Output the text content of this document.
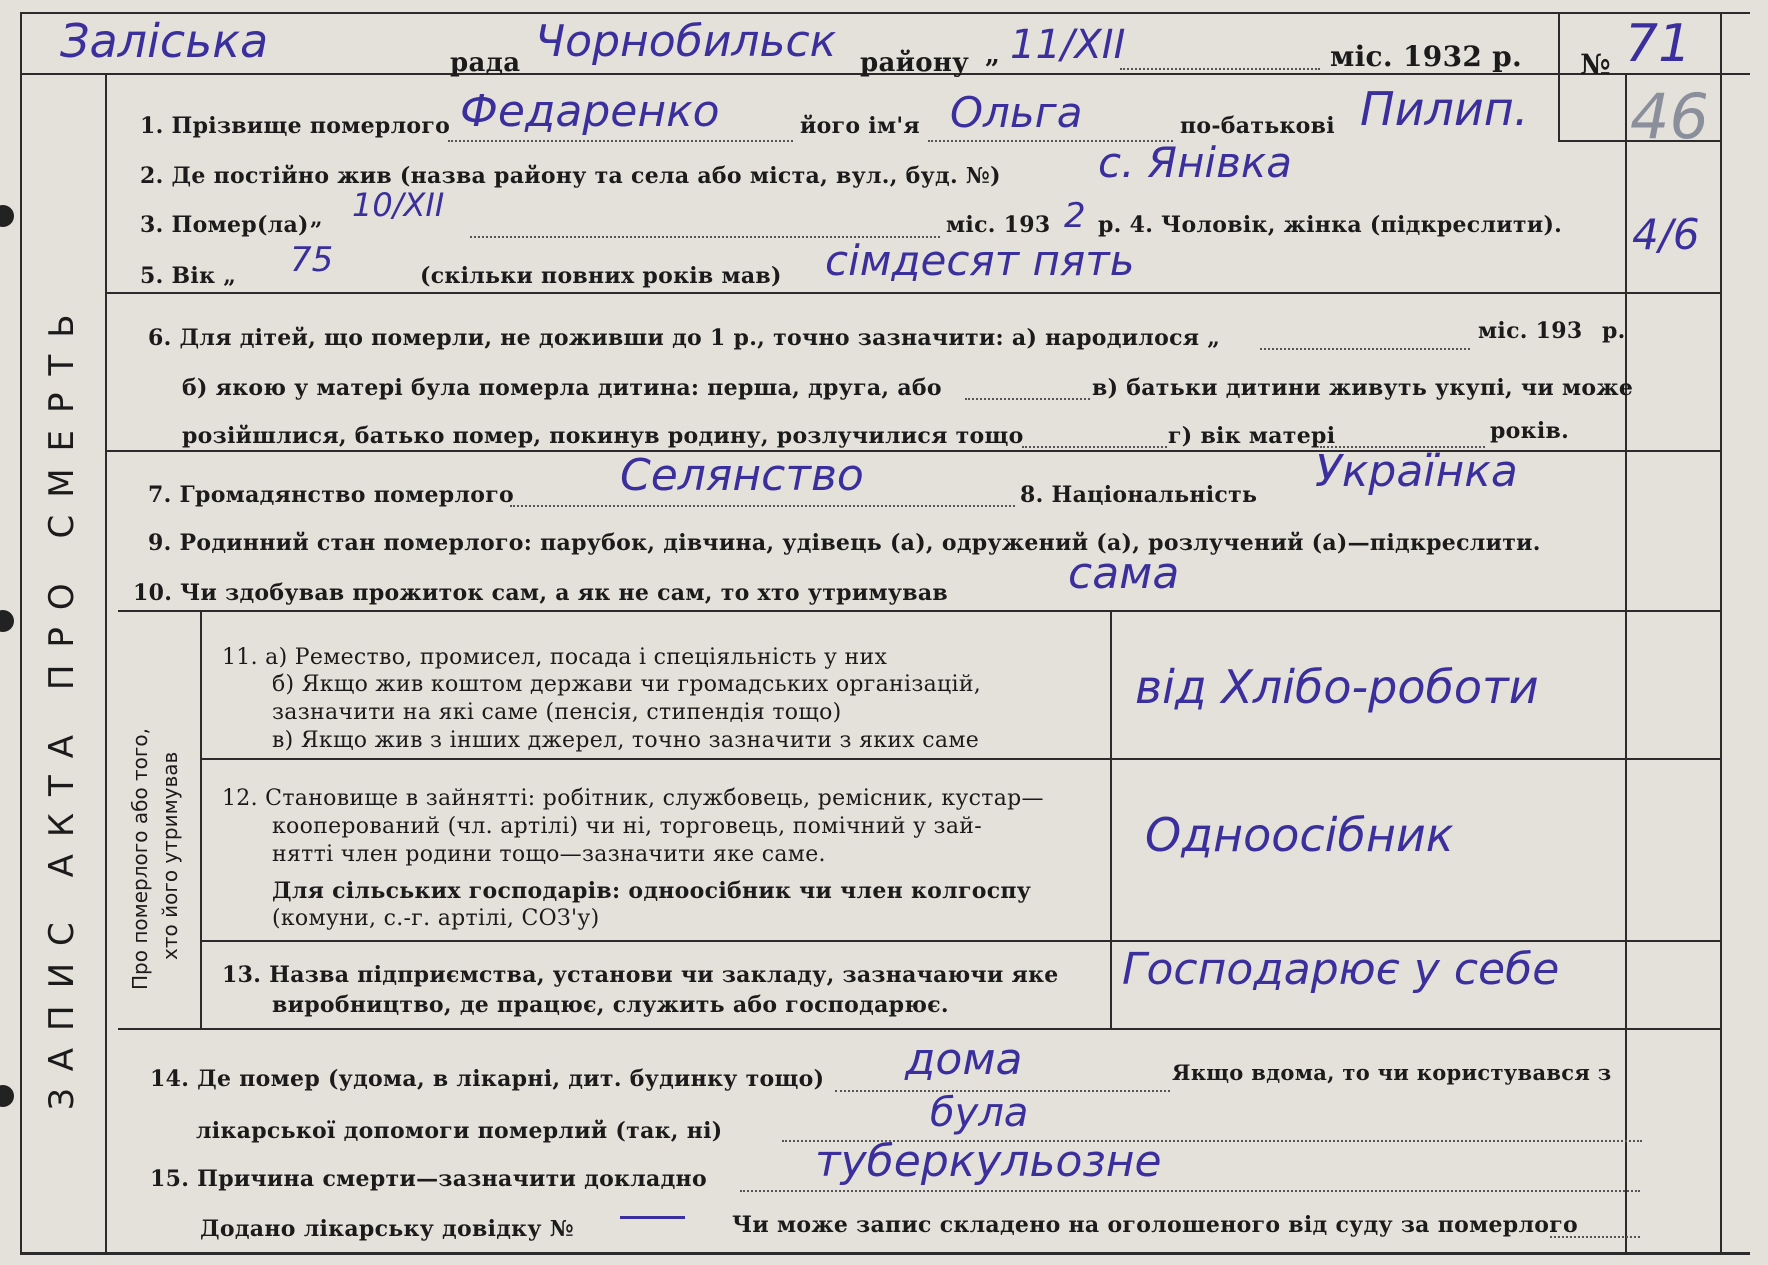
ЗАПИС АКТА ПРО СМЕРТЬ Про померлого або того, хто його утримував
Заліська	рада Чорнобильск району „ 11/XII	міс. 1932 р. № 71
46
1. Прізвище померлого Федаренко	його ім'я Ольга	по-батькові Пилип.
2. Де постійно жив (назва району та села або міста, вул., буд. №) с. Янівка
3. Помер(ла) „ 10/XII
міс. 193 2 р. 4. Чоловік, жінка (підкреслити). 4/6
5. Вік „ 75	(скільки повних років мав) сімдесят пять
6. Для дітей, що померли, не доживши до 1 р., точно зазначити: а) народилося „	міс. 193 р.
б) якою у матері була померла дитина: перша, друга, або	в) батьки дитини живуть укупі, чи може
розійшлися, батько помер, покинув родину, розлучилися тощо	г) вік матері	років.
7. Громадянство померлого Селянство	8. Національність Українка
9. Родинний стан померлого: парубок, дівчина, удівець (а), одружений (а), розлучений (а)—підкреслити.
10. Чи здобував прожиток сам, а як не сам, то хто утримував	сама
11. а) Ремество, промисел, посада і спеціяльність у них
б) Якщо жив коштом держави чи громадських організацій,
зазначити на які саме (пенсія, стипендія тощо)
в) Якщо жив з інших джерел, точно зазначити з яких саме
від Хлібо-роботи
12. Становище в зайнятті: робітник, службовець, ремісник, кустар—
кооперований (чл. артілі) чи ні, торговець, помічний у зай-
нятті член родини тощо—зазначити яке саме.
Для сільських господарів: одноосібник чи член колгоспу
(комуни, с.-г. артілі, СОЗ'у)
Одноосібник
13. Назва підприємства, установи чи закладу, зазначаючи яке
виробництво, де працює, служить або господарює.
Господарює у себе
14. Де помер (удома, в лікарні, дит. будинку тощо) дома	Якщо вдома, то чи користувався з
лікарської допомоги померлий (так, ні)	була
15. Причина смерти—зазначити докладно туберкульозне
Додано лікарську довідку №	Чи може запис складено на оголошеного від суду за померлого
